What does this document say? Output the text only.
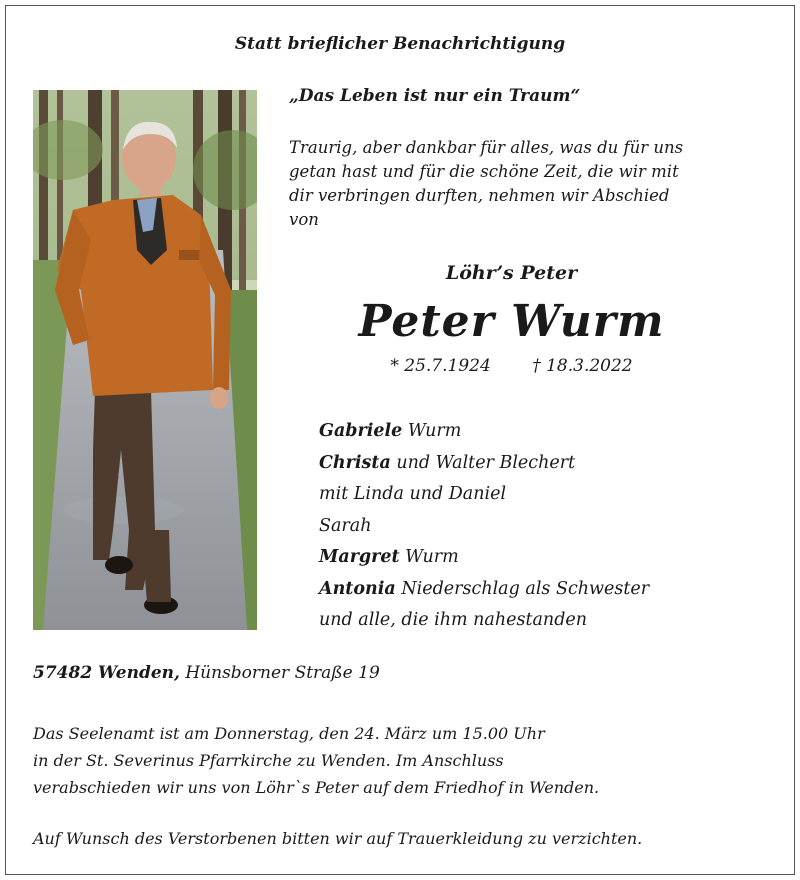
Statt brieflicher Benachrichtigung
„Das Leben ist nur ein Traum“
Traurig, aber dankbar für alles, was du für uns
getan hast und für die schöne Zeit, die wir mit
dir verbringen durften, nehmen wir Abschied
von
Löhr’s Peter
Peter Wurm
* 25.7.1924 † 18.3.2022
Gabriele Wurm
Christa und Walter Blechert
mit Linda und Daniel
Sarah
Margret Wurm
Antonia Niederschlag als Schwester
und alle, die ihm nahestanden
57482 Wenden, Hünsborner Straße 19
Das Seelenamt ist am Donnerstag, den 24. März um 15.00 Uhr
in der St. Severinus Pfarrkirche zu Wenden. Im Anschluss
verabschieden wir uns von Löhr`s Peter auf dem Friedhof in Wenden.
Auf Wunsch des Verstorbenen bitten wir auf Trauerkleidung zu verzichten.
